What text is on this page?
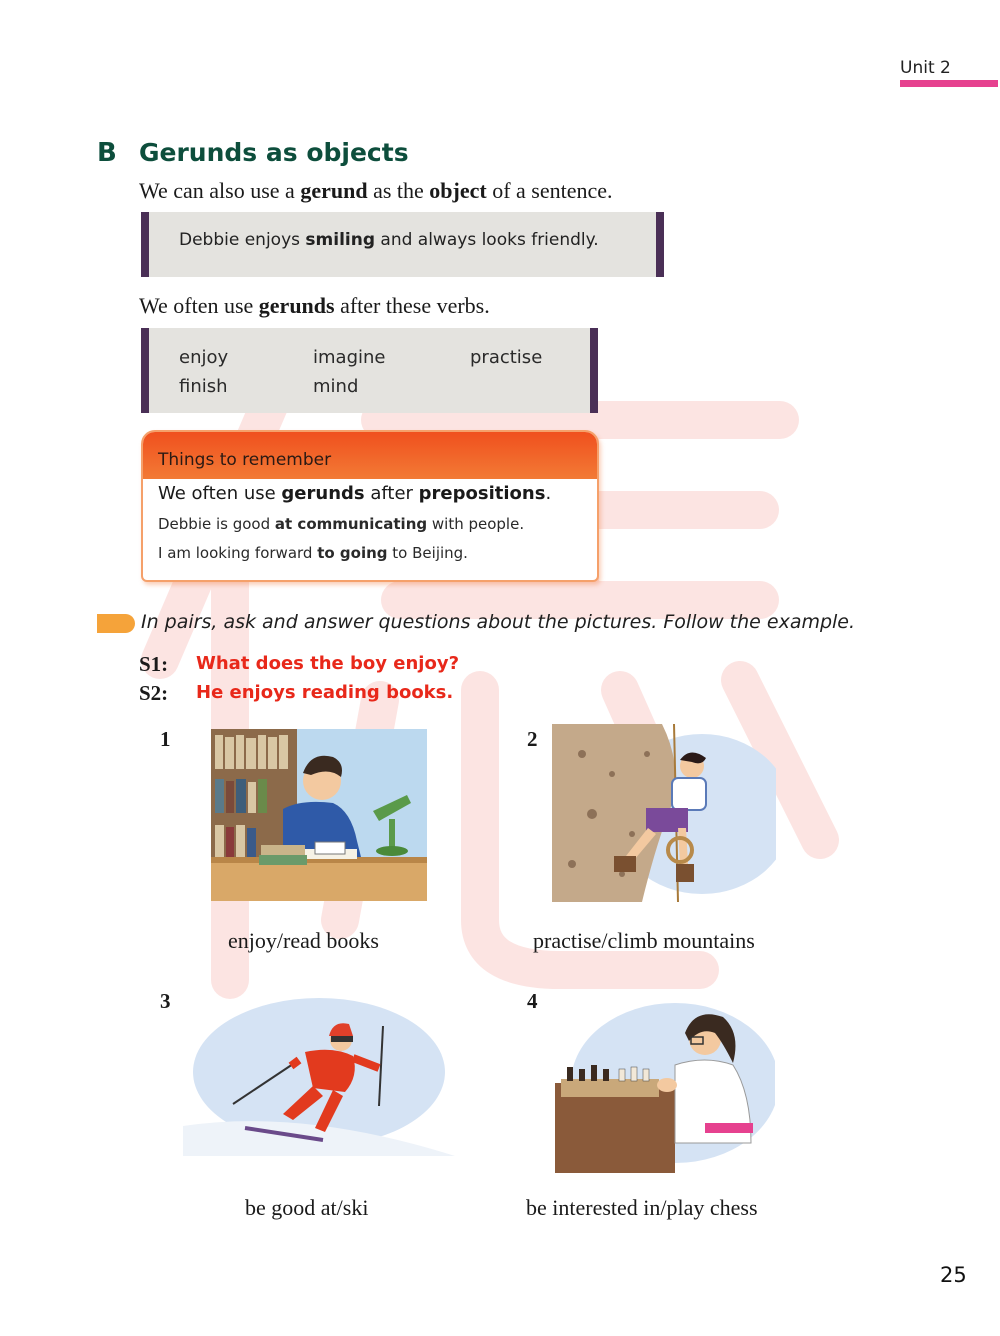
Unit 2
B Gerunds as objects
We can also use a gerund as the object of a sentence.
Debbie enjoys smiling and always looks friendly.
We often use gerunds after these verbs.
enjoy	imagine	practise
finish	mind
Things to remember
We often use gerunds after prepositions.
Debbie is good at communicating with people.
I am looking forward to going to Beijing.
In pairs, ask and answer questions about the pictures. Follow the example.
S1: What does the boy enjoy?
S2: He enjoys reading books.
1
enjoy/read books
2
practise/climb mountains
3
be good at/ski
4
be interested in/play chess
25
